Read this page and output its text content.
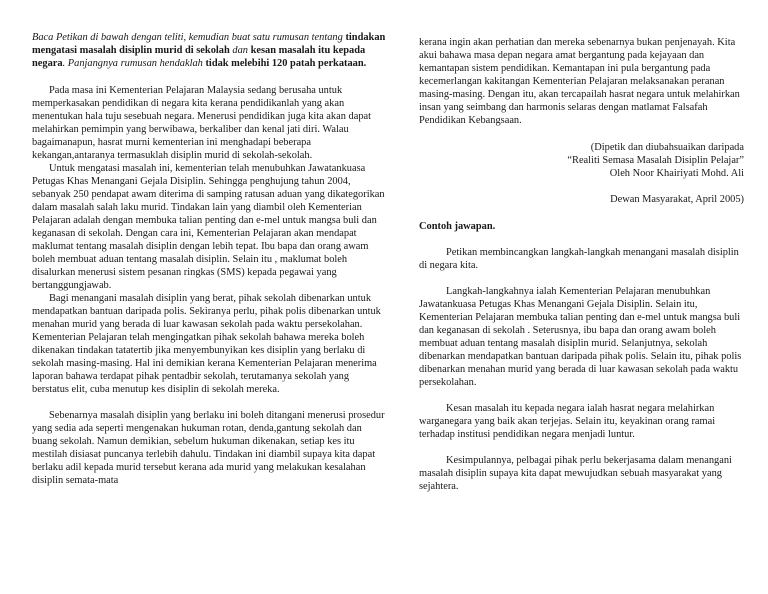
Baca Petikan di bawah dengan teliti, kemudian buat satu rumusan tentang tindakan mengatasi masalah disiplin murid di sekolah dan kesan masalah itu kepada negara. Panjangnya rumusan hendaklah tidak melebihi 120 patah perkataan.

Pada masa ini Kementerian Pelajaran Malaysia sedang berusaha untuk memperkasakan pendidikan di negara kita kerana pendidikanlah yang akan menentukan hala tuju sesebuah negara. Menerusi pendidikan juga kita akan dapat melahirkan pemimpin yang berwibawa, berkaliber dan kenal jati diri. Walau bagaimanapun, hasrat murni kementerian ini menghadapi beberapa kekangan,antaranya termasuklah disiplin murid di sekolah-sekolah.

Untuk mengatasi masalah ini, kementerian telah menubuhkan Jawatankuasa Petugas Khas Menangani Gejala Disiplin. Sehingga penghujung tahun 2004, sebanyak 250 pendapat awam diterima di samping ratusan aduan yang dikategorikan dalam masalah salah laku murid. Tindakan lain yang diambil oleh Kementerian Pelajaran adalah dengan membuka talian penting dan e-mel untuk mangsa buli dan keganasan di sekolah. Dengan cara ini, Kementerian Pelajaran akan mendapat maklumat tentang masalah disiplin dengan lebih tepat. Ibu bapa dan orang awam boleh membuat aduan tentang masalah disiplin. Selain itu , maklumat boleh disalurkan menerusi sistem pesanan ringkas (SMS) kepada pegawai yang bertanggungjawab.

Bagi menangani masalah disiplin yang berat, pihak sekolah dibenarkan untuk mendapatkan bantuan daripada polis. Sekiranya perlu, pihak polis dibenarkan untuk menahan murid yang berada di luar kawasan sekolah pada waktu persekolahan. Kementerian Pelajaran telah mengingatkan pihak sekolah bahawa mereka boleh dikenakan tindakan tatatertib jika menyembunyikan kes disiplin yang berlaku di sekolah masing-masing. Hal ini demikian kerana Kementerian Pelajaran menerima laporan bahawa terdapat pihak pentadbir sekolah, terutamanya sekolah yang berstatus elit, cuba menutup kes disiplin di sekolah mereka.

Sebenarnya masalah disiplin yang berlaku ini boleh ditangani menerusi prosedur yang sedia ada seperti mengenakan hukuman rotan, denda,gantung sekolah dan buang sekolah. Namun demikian, sebelum hukuman dikenakan, setiap kes itu mestilah disiasat puncanya terlebih dahulu. Tindakan ini diambil supaya kita dapat berlaku adil kepada murid tersebut kerana ada murid yang melakukan kesalahan disiplin semata-mata

kerana ingin akan perhatian dan mereka sebenarnya bukan penjenayah. Kita akui bahawa masa depan negara amat bergantung pada kejayaan dan kemantapan sistem pendidikan. Kemantapan ini pula bergantung pada kecemerlangan kakitangan Kementerian Pelajaran melaksanakan peranan masing-masing. Dengan itu, akan tercapailah hasrat negara untuk melahirkan insan yang seimbang dan harmonis selaras dengan matlamat Falsafah Pendidikan Kebangsaan.

(Dipetik dan diubahsuaikan daripada

“Realiti Semasa Masalah Disiplin Pelajar”

Oleh Noor Khairiyati Mohd. Ali

Dewan Masyarakat, April 2005)

Contoh jawapan.

Petikan membincangkan langkah-langkah menangani masalah disiplin di negara kita.

Langkah-langkahnya ialah Kementerian Pelajaran menubuhkan Jawatankuasa Petugas Khas Menangani Gejala Disiplin. Selain itu, Kementerian Pelajaran membuka talian penting dan e-mel untuk mangsa buli dan keganasan di sekolah . Seterusnya, ibu bapa dan orang awam boleh membuat aduan tentang masalah disiplin murid. Selanjutnya, sekolah dibenarkan mendapatkan bantuan daripada pihak polis. Selain itu, pihak polis dibenarkan menahan murid yang berada di luar kawasan sekolah pada waktu persekolahan.

Kesan masalah itu kepada negara ialah hasrat negara melahirkan warganegara yang baik akan terjejas. Selain itu, keyakinan orang ramai terhadap institusi pendidikan negara menjadi luntur.

Kesimpulannya, pelbagai pihak perlu bekerjasama dalam menangani masalah disiplin supaya kita dapat mewujudkan sebuah masyarakat yang sejahtera.
